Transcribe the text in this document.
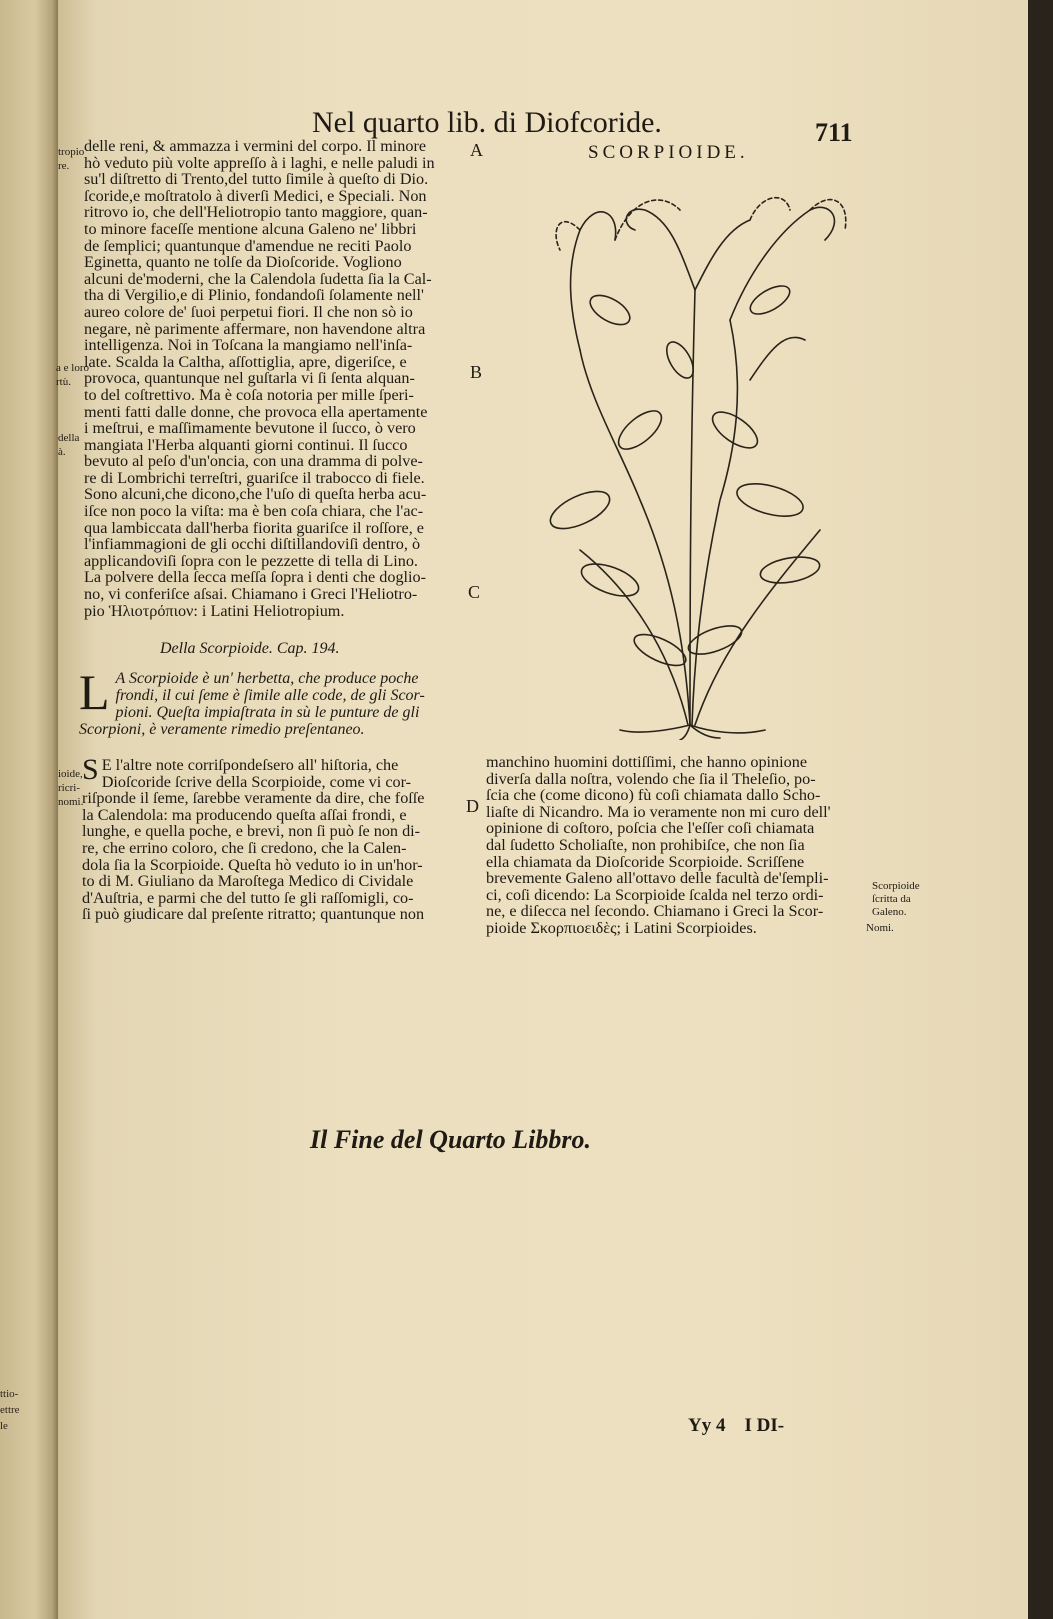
ttio-
ettre
le
tropio
re.
a e loro
rtù.
della
à.
ioide,
ricri-
nomi.
Nel quarto lib. di Diofcoride.	711
SCORPIOIDE.

delle reni, & ammazza i vermini del corpo. Il minore

hò veduto più volte appreſſo à i laghi, e nelle paludi in

su'l diſtretto di Trento,del tutto ſimile à queſto di Dio.

ſcoride,e moſtratolo à diverſi Medici, e Speciali. Non

ritrovo io, che dell'Heliotropio tanto maggiore, quan-

to minore faceſſe mentione alcuna Galeno ne' libbri

de ſemplici; quantunque d'amendue ne reciti Paolo

Eginetta, quanto ne tolſe da Dioſcoride. Vogliono

alcuni de'moderni, che la Calendola ſudetta ſia la Cal-

tha di Vergilio,e di Plinio, fondandoſi ſolamente nell'

aureo colore de' ſuoi perpetui fiori. Il che non sò io

negare, nè parimente affermare, non havendone altra

intelligenza. Noi in Toſcana la mangiamo nell'inſa-

late. Scalda la Caltha, aſſottiglia, apre, digeriſce, e

provoca, quantunque nel guſtarla vi ſi ſenta alquan-

to del coſtrettivo. Ma è coſa notoria per mille ſperi-

menti fatti dalle donne, che provoca ella apertamente

i meſtrui, e maſſimamente bevutone il ſucco, ò vero

mangiata l'Herba alquanti giorni continui. Il ſucco

bevuto al peſo d'un'oncia, con una dramma di polve-

re di Lombrichi terreſtri, guariſce il trabocco di fiele.

Sono alcuni,che dicono,che l'uſo di queſta herba acu-

iſce non poco la viſta: ma è ben coſa chiara, che l'ac-

qua lambiccata dall'herba fiorita guariſce il roſſore, e

l'infiammagioni de gli occhi diſtillandoviſi dentro, ò

applicandoviſi ſopra con le pezzette di tella di Lino.

La polvere della ſecca meſſa ſopra i denti che doglio-

no, vi conferiſce aſsai. Chiamano i Greci l'Heliotro-

pio Ἡλιοτρόπιον: i Latini Heliotropium.

A
B
C
D
Della Scorpioide. Cap. 194.
L A Scorpioide è un' herbetta, che produce poche
frondi, il cui ſeme è ſimile alle code, de gli Scor-
pioni. Queſta impiaſtrata in sù le punture de gli
Scorpioni, è veramente rimedio preſentaneo.
S E l'altre note corriſpondeſsero all' hiſtoria, che

Dioſcoride ſcrive della Scorpioide, come vi cor-

riſponde il ſeme, ſarebbe veramente da dire, che foſſe

la Calendola: ma producendo queſta aſſai frondi, e

lunghe, e quella poche, e brevi, non ſi può ſe non di-

re, che errino coloro, che ſi credono, che la Calen-

dola ſia la Scorpioide. Queſta hò veduto io in un'hor-

to di M. Giuliano da Maroſtega Medico di Cividale

d'Auſtria, e parmi che del tutto ſe gli raſſomigli, co-

ſi può giudicare dal preſente ritratto; quantunque non

manchino huomini dottiſſimi, che hanno opinione

diverſa dalla noſtra, volendo che ſia il Theleſio, po-

ſcia che (come dicono) fù coſi chiamata dallo Scho-

liaſte di Nicandro. Ma io veramente non mi curo dell'

opinione di coſtoro, poſcia che l'eſſer coſi chiamata

dal ſudetto Scholiaſte, non prohibiſce, che non ſia

ella chiamata da Dioſcoride Scorpioide. Scriſſene

brevemente Galeno all'ottavo delle facultà de'ſempli-

ci, coſi dicendo: La Scorpioide ſcalda nel terzo ordi-

ne, e diſecca nel ſecondo. Chiamano i Greci la Scor-

pioide Σκορπιοειδὲς; i Latini Scorpioides.

Scorpioide
ſcritta da
Galeno.
Nomi.
Il Fine del Quarto Libbro.
Yy 4    I DI-
